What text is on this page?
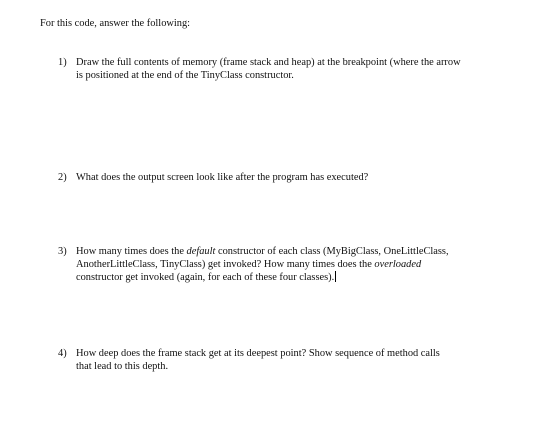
For this code, answer the following:
1) Draw the full contents of memory (frame stack and heap) at the breakpoint (where the arrow
is positioned at the end of the TinyClass constructor.
2) What does the output screen look like after the program has executed?
3) How many times does the default constructor of each class (MyBigClass, OneLittleClass,
AnotherLittleClass, TinyClass) get invoked? How many times does the overloaded
constructor get invoked (again, for each of these four classes).
4) How deep does the frame stack get at its deepest point? Show sequence of method calls
that lead to this depth.
